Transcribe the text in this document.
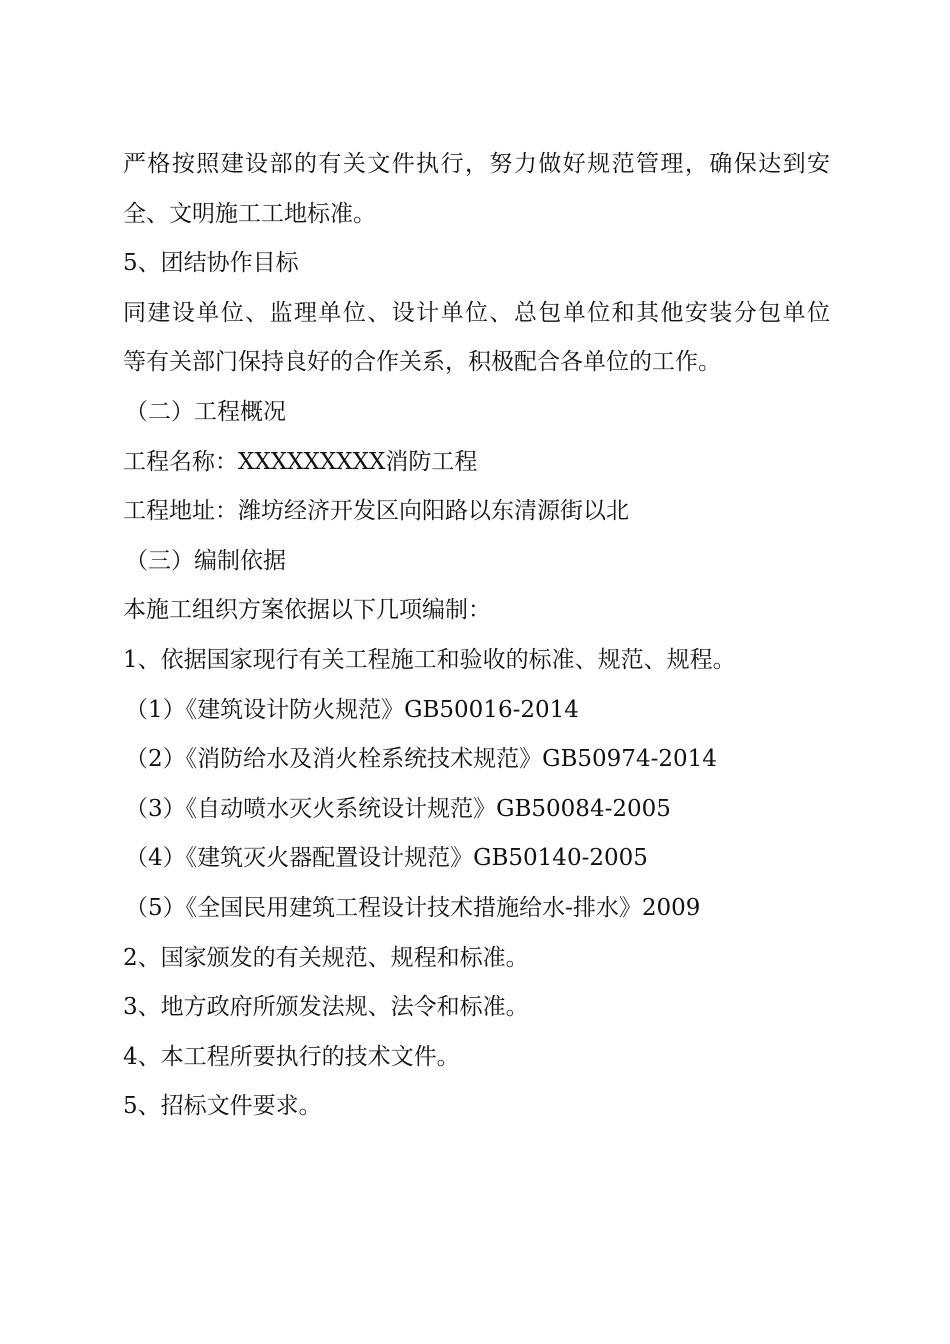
严格按照建设部的有关文件执行，努力做好规范管理，确保达到安
全、文明施工工地标准。
5、团结协作目标
同建设单位、监理单位、设计单位、总包单位和其他安装分包单位
等有关部门保持良好的合作关系，积极配合各单位的工作。
（二）工程概况
工程名称：XXXXXXXXX消防工程
工程地址：潍坊经济开发区向阳路以东清源街以北
（三）编制依据
本施工组织方案依据以下几项编制：
1、依据国家现行有关工程施工和验收的标准、规范、规程。
（1）《建筑设计防火规范》GB50016-2014
（2）《消防给水及消火栓系统技术规范》GB50974-2014
（3）《自动喷水灭火系统设计规范》GB50084-2005
（4）《建筑灭火器配置设计规范》GB50140-2005
（5）《全国民用建筑工程设计技术措施给水-排水》2009
2、国家颁发的有关规范、规程和标准。
3、地方政府所颁发法规、法令和标准。
4、本工程所要执行的技术文件。
5、招标文件要求。
